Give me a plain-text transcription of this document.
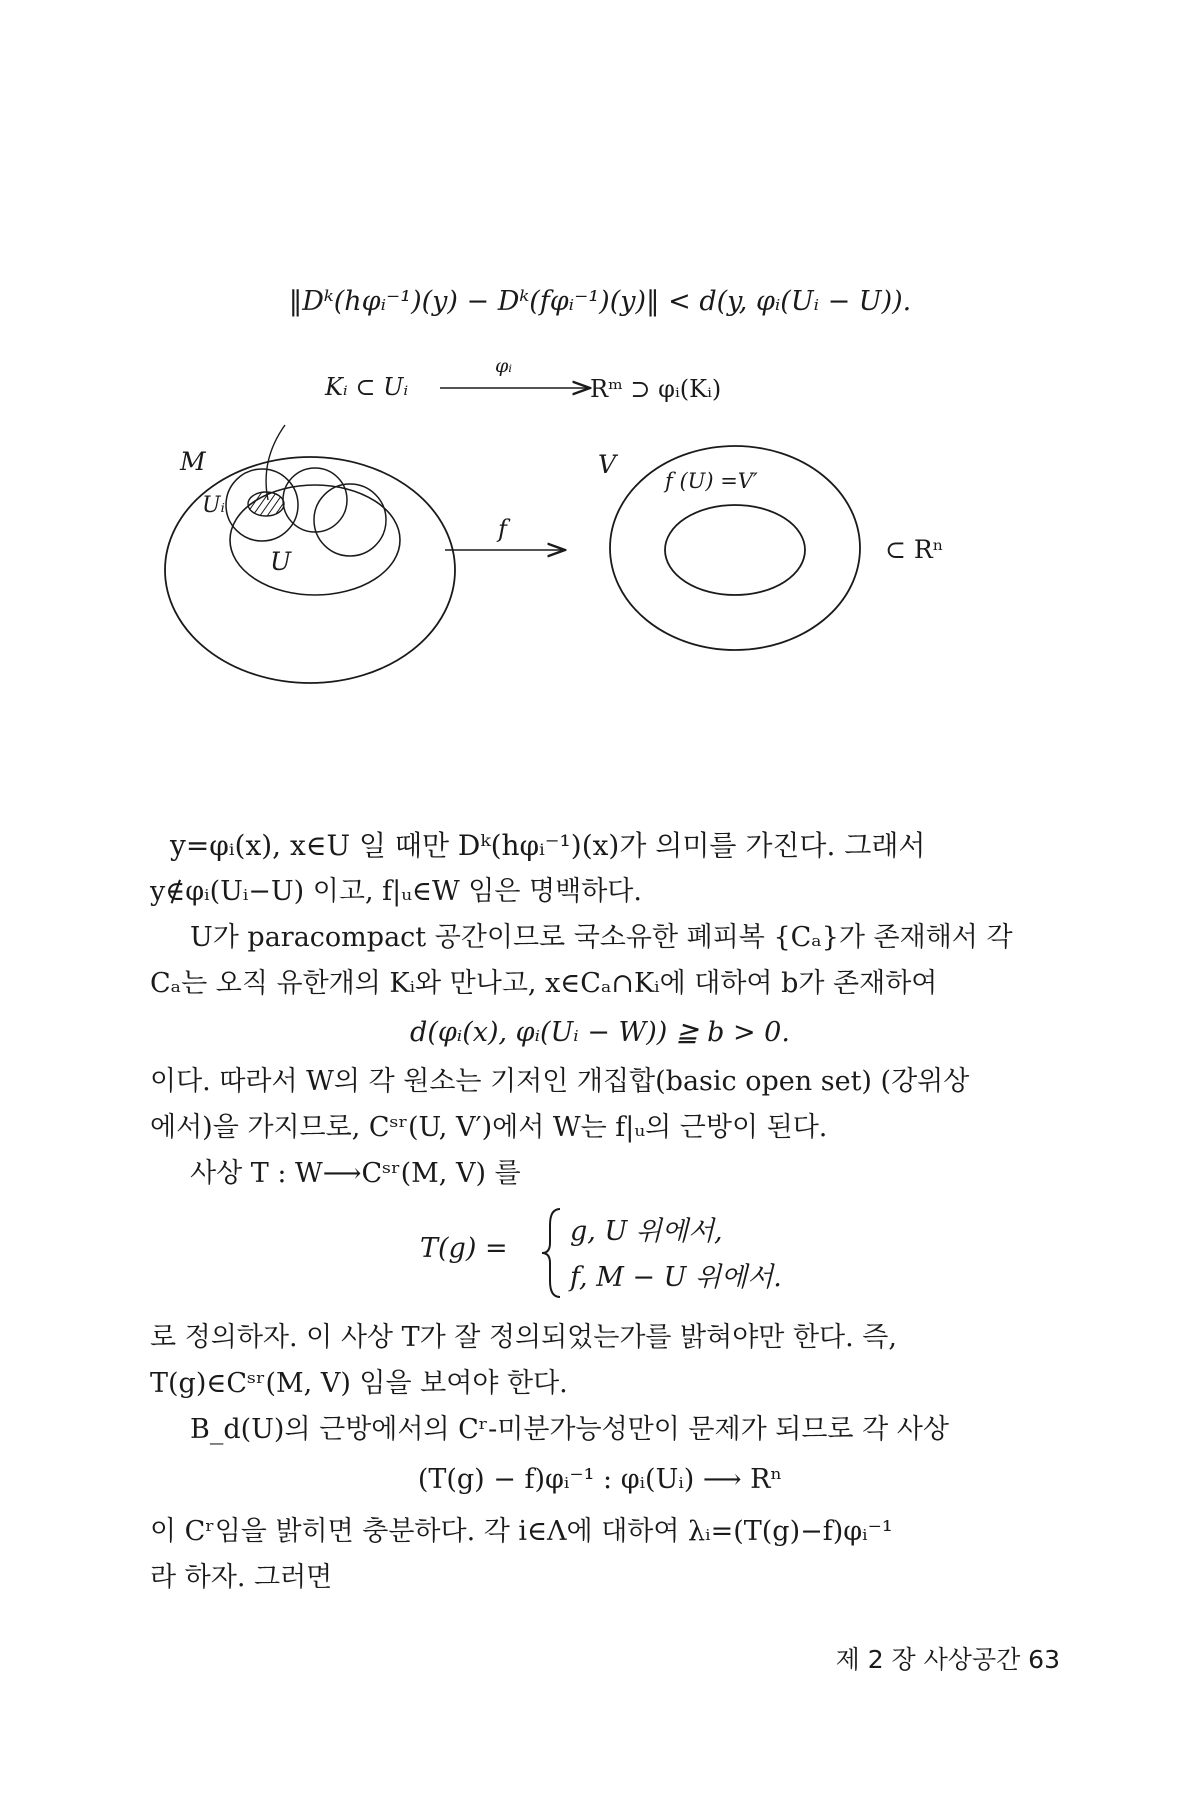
‖Dᵏ(hφᵢ⁻¹)(y) − Dᵏ(fφᵢ⁻¹)(y)‖ < d(y, φᵢ(Uᵢ − U)).
Kᵢ ⊂ Uᵢ
φᵢ
Rᵐ ⊃ φᵢ(Kᵢ)
M
U
Uᵢ
f
V
f (U) =V′
⊂ Rⁿ
y=φᵢ(x), x∈U 일 때만 Dᵏ(hφᵢ⁻¹)(x)가 의미를 가진다. 그래서
y∉φᵢ(Uᵢ−U) 이고, f|ᵤ∈W 임은 명백하다.
U가 paracompact 공간이므로 국소유한 폐피복 {Cₐ}가 존재해서 각
Cₐ는 오직 유한개의 Kᵢ와 만나고, x∈Cₐ∩Kᵢ에 대하여 b가 존재하여
d(φᵢ(x), φᵢ(Uᵢ − W)) ≧ b > 0.
이다. 따라서 W의 각 원소는 기저인 개집합(basic open set) (강위상
에서)을 가지므로, Cˢʳ(U, V′)에서 W는 f|ᵤ의 근방이 된다.
사상 T : W⟶Cˢʳ(M, V) 를
T(g) =
g, U 위에서,
f, M − U 위에서.
로 정의하자. 이 사상 T가 잘 정의되었는가를 밝혀야만 한다. 즉,
T(g)∈Cˢʳ(M, V) 임을 보여야 한다.
B_d(U)의 근방에서의 Cʳ-미분가능성만이 문제가 되므로 각 사상
(T(g) − f)φᵢ⁻¹ : φᵢ(Uᵢ) ⟶ Rⁿ
이 Cʳ임을 밝히면 충분하다. 각 i∈Λ에 대하여 λᵢ=(T(g)−f)φᵢ⁻¹
라 하자. 그러면
제 2 장 사상공간 63
